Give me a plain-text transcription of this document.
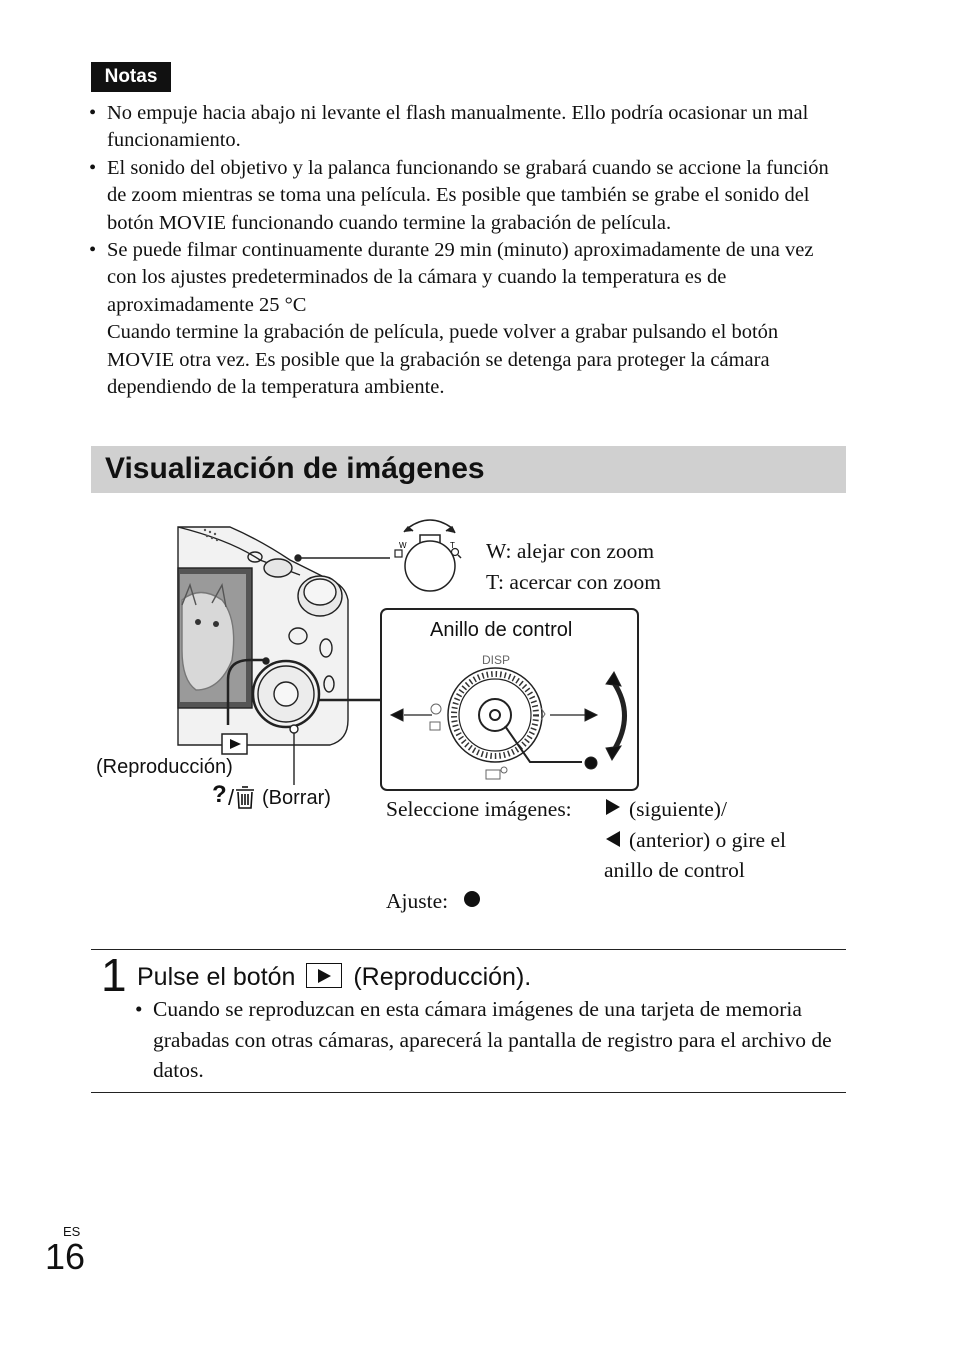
Notas
• No empuje hacia abajo ni levante el flash manualmente. Ello podría ocasionar un mal funcionamiento.
• El sonido del objetivo y la palanca funcionando se grabará cuando se accione la función de zoom mientras se toma una película. Es posible que también se grabe el sonido del botón MOVIE funcionando cuando termine la grabación de película.
• Se puede filmar continuamente durante 29 min (minuto) aproximadamente de una vez con los ajustes predeterminados de la cámara y cuando la temperatura es de aproximadamente 25 °C
Cuando termine la grabación de película, puede volver a grabar pulsando el botón MOVIE otra vez. Es posible que la grabación se detenga para proteger la cámara dependiendo de la temperatura ambiente.
Visualización de imágenes
W	T
DISP
W: alejar con zoom
T: acercar con zoom
Anillo de control
(Reproducción)
? / (Borrar)	Seleccione imágenes:	(siguiente)/
(anterior) o gire el
anillo de control
Ajuste:
1 Pulse el botón (Reproducción).
• Cuando se reproduzcan en esta cámara imágenes de una tarjeta de memoria grabadas con otras cámaras, aparecerá la pantalla de registro para el archivo de datos.
ES
16
